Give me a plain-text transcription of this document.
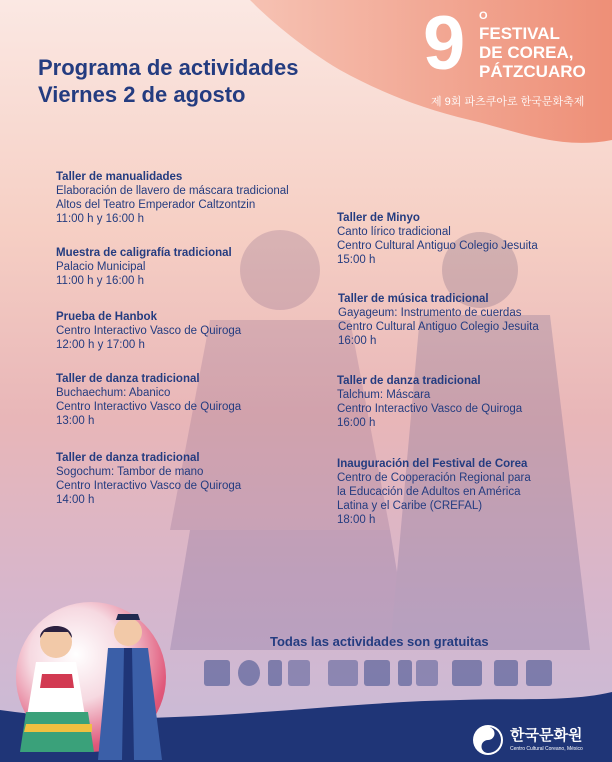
Programa de actividades
Viernes 2 de agosto
9 O
FESTIVAL
DE COREA,
PÁTZCUARO
제 9회 파츠쿠아로 한국문화축제
Taller de manualidades
Elaboración de llavero de máscara tradicional
Altos del Teatro Emperador Caltzontzin
11:00 h y 16:00 h
Muestra de caligrafía tradicional
Palacio Municipal
11:00 h y 16:00 h
Prueba de Hanbok
Centro Interactivo Vasco de Quiroga
12:00 h y 17:00 h
Taller de danza tradicional
Buchaechum: Abanico
Centro Interactivo Vasco de Quiroga
13:00 h
Taller de danza tradicional
Sogochum: Tambor de mano
Centro Interactivo Vasco de Quiroga
14:00 h
Taller de Minyo
Canto lírico tradicional
Centro Cultural Antiguo Colegio Jesuita
15:00 h
Taller de música tradicional
Gayageum: Instrumento de cuerdas
Centro Cultural Antiguo Colegio Jesuita
16:00 h
Taller de danza tradicional
Talchum: Máscara
Centro Interactivo Vasco de Quiroga
16:00 h
Inauguración del Festival de Corea
Centro de Cooperación Regional para
la Educación de Adultos en América
Latina y el Caribe (CREFAL)
18:00 h
Todas las actividades son gratuitas
한국문화원
Centro Cultural Coreano, México
